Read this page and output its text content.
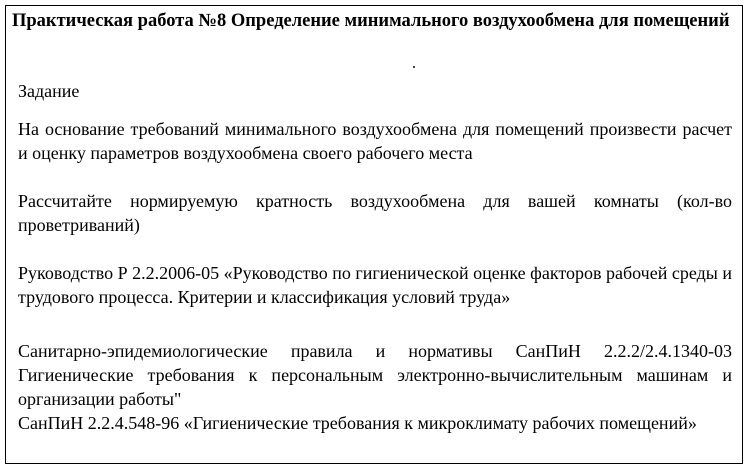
Практическая работа №8 Определение минимального воздухообмена для помещений
Задание

На основание требований минимального воздухообмена для помещений произвести расчет и оценку параметров воздухообмена своего рабочего места

Рассчитайте нормируемую кратность воздухообмена для вашей комнаты (кол-во проветриваний)

Руководство Р 2.2.2006-05 «Руководство по гигиенической оценке факторов рабочей среды и трудового процесса. Критерии и классификация условий труда»

Санитарно-эпидемиологические правила и нормативы СанПиН 2.2.2/2.4.1340-03 Гигиенические требования к персональным электронно-вычислительным машинам и организации работы"

СанПиН 2.2.4.548-96 «Гигиенические требования к микроклимату рабочих помещений»
